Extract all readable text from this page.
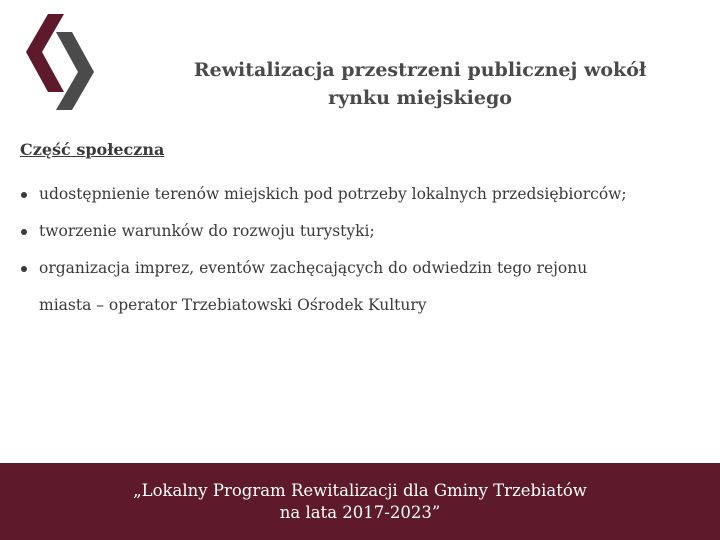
Rewitalizacja przestrzeni publicznej wokół
rynku miejskiego
Część społeczna
udostępnienie terenów miejskich pod potrzeby lokalnych przedsiębiorców;
tworzenie warunków do rozwoju turystyki;
organizacja imprez, eventów zachęcających do odwiedzin tego rejonu
miasta – operator Trzebiatowski Ośrodek Kultury
„Lokalny Program Rewitalizacji dla Gminy Trzebiatów
na lata 2017-2023”
